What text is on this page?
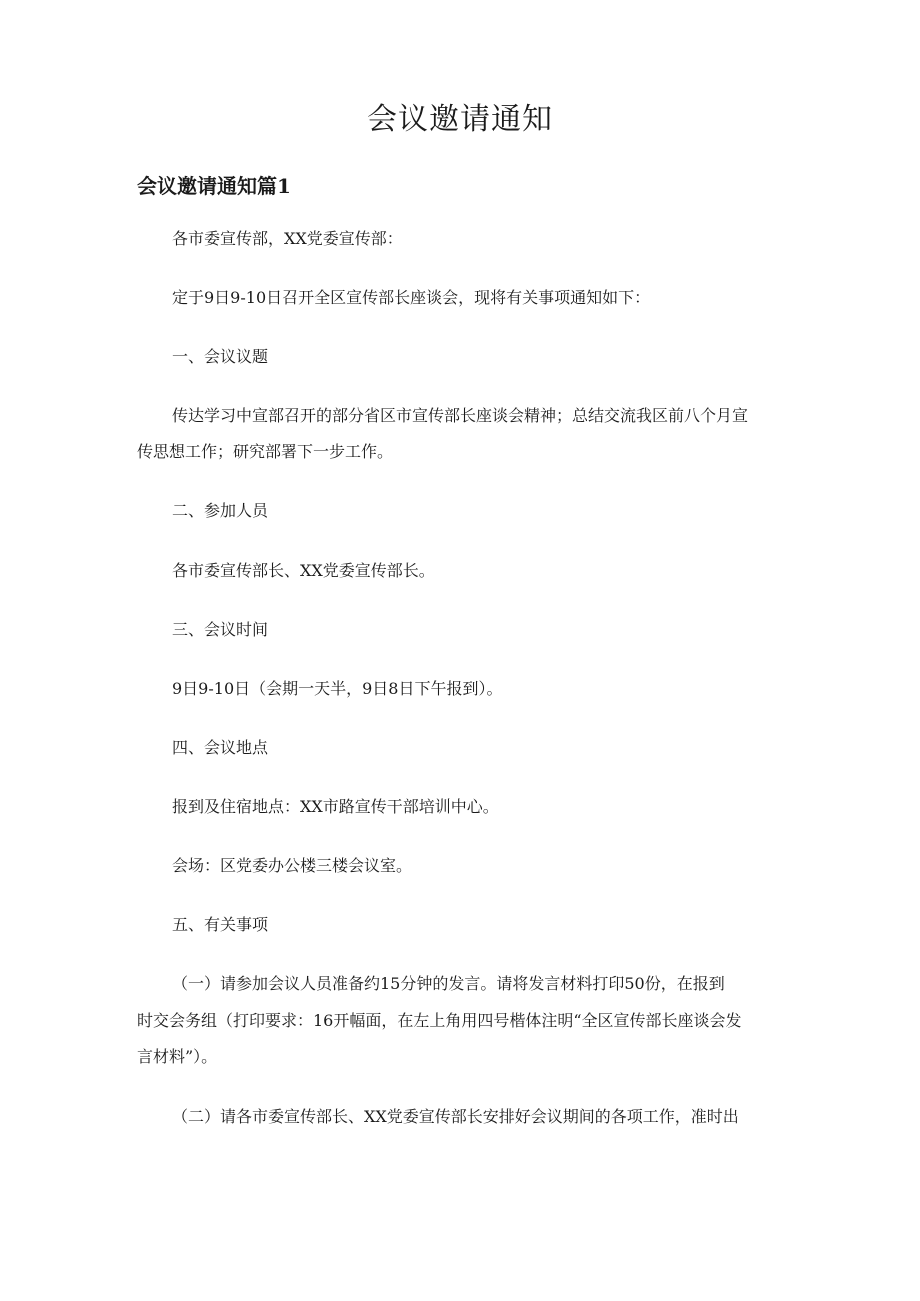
会议邀请通知
会议邀请通知篇1

各市委宣传部，XX党委宣传部：

定于9日9-10日召开全区宣传部长座谈会，现将有关事项通知如下：

一、会议议题

传达学习中宣部召开的部分省区市宣传部长座谈会精神；总结交流我区前八个月宣

传思想工作；研究部署下一步工作。

二、参加人员

各市委宣传部长、XX党委宣传部长。

三、会议时间

9日9-10日（会期一天半，9日8日下午报到）。

四、会议地点

报到及住宿地点：XX市路宣传干部培训中心。

会场：区党委办公楼三楼会议室。

五、有关事项

（一）请参加会议人员准备约15分钟的发言。请将发言材料打印50份，在报到

时交会务组（打印要求：16开幅面，在左上角用四号楷体注明“全区宣传部长座谈会发

言材料”）。

（二）请各市委宣传部长、XX党委宣传部长安排好会议期间的各项工作，准时出
